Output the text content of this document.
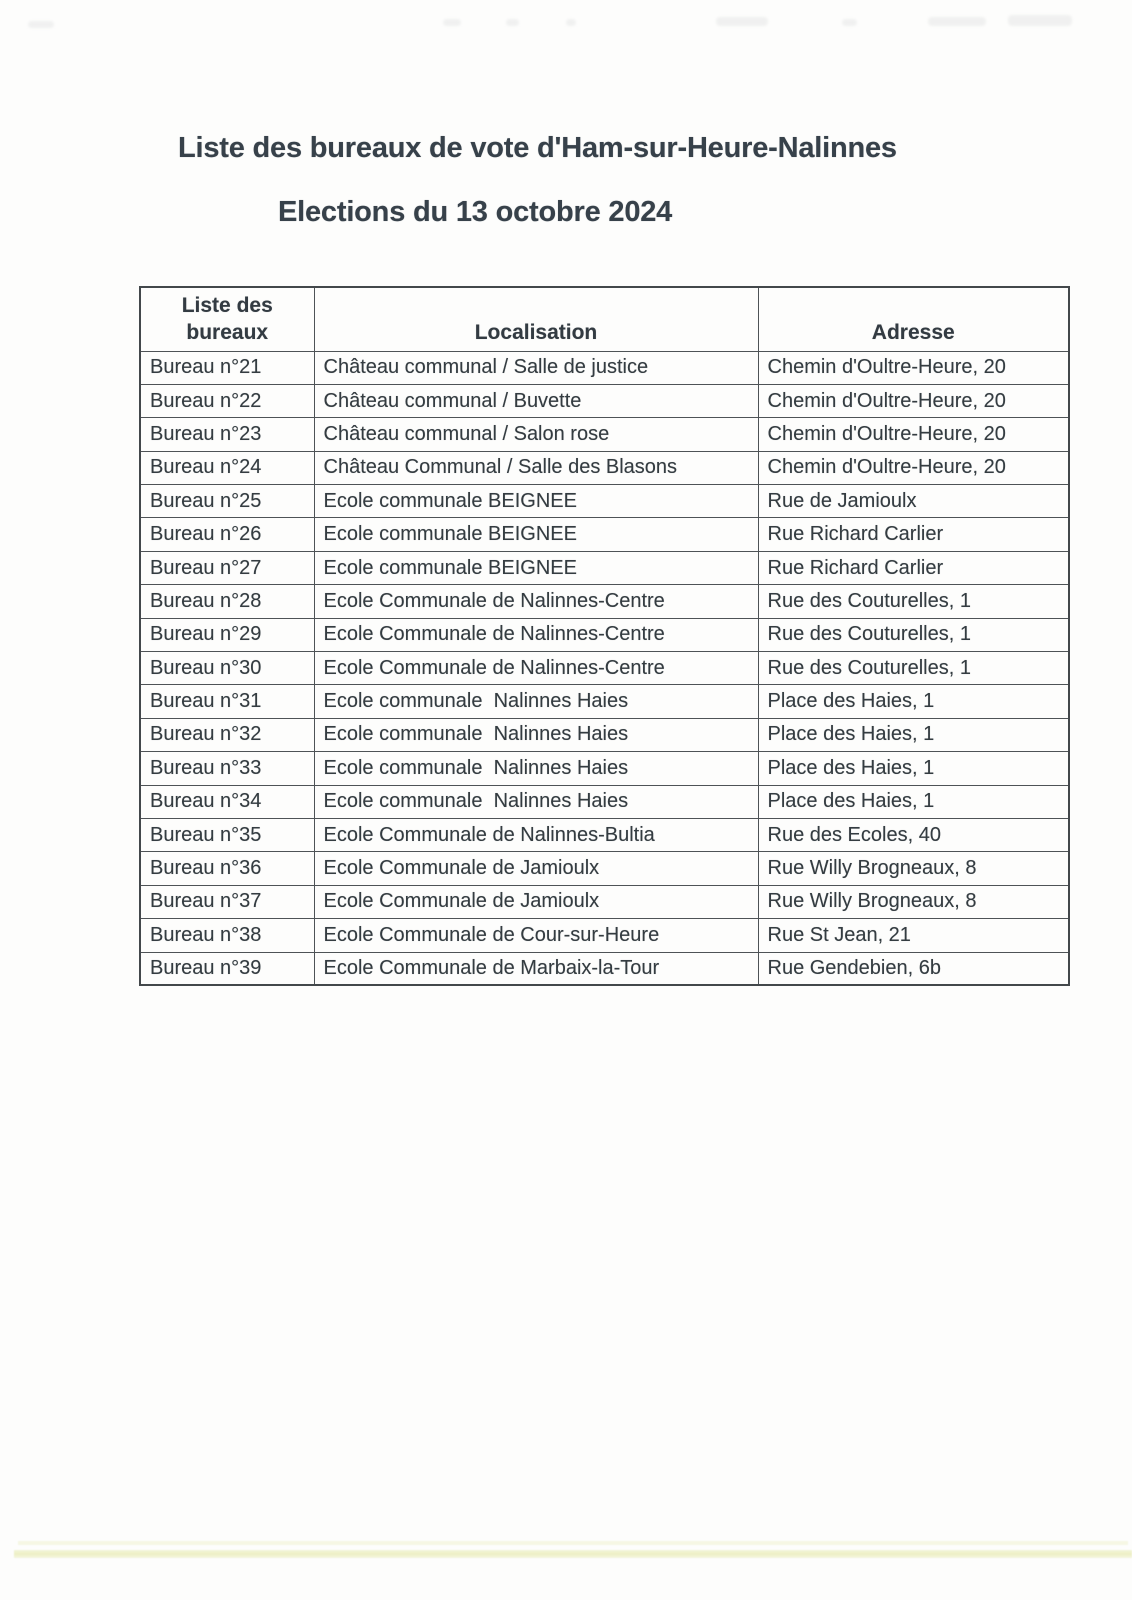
Liste des bureaux de vote d'Ham-sur-Heure-Nalinnes
Elections du 13 octobre 2024
Liste des bureaux	Localisation	Adresse
Bureau n°21	Château communal / Salle de justice	Chemin d'Oultre-Heure, 20
Bureau n°22	Château communal / Buvette	Chemin d'Oultre-Heure, 20
Bureau n°23	Château communal / Salon rose	Chemin d'Oultre-Heure, 20
Bureau n°24	Château Communal / Salle des Blasons	Chemin d'Oultre-Heure, 20
Bureau n°25	Ecole communale BEIGNEE	Rue de Jamioulx
Bureau n°26	Ecole communale BEIGNEE	Rue Richard Carlier
Bureau n°27	Ecole communale BEIGNEE	Rue Richard Carlier
Bureau n°28	Ecole Communale de Nalinnes-Centre	Rue des Couturelles, 1
Bureau n°29	Ecole Communale de Nalinnes-Centre	Rue des Couturelles, 1
Bureau n°30	Ecole Communale de Nalinnes-Centre	Rue des Couturelles, 1
Bureau n°31	Ecole communale  Nalinnes Haies	Place des Haies, 1
Bureau n°32	Ecole communale  Nalinnes Haies	Place des Haies, 1
Bureau n°33	Ecole communale  Nalinnes Haies	Place des Haies, 1
Bureau n°34	Ecole communale  Nalinnes Haies	Place des Haies, 1
Bureau n°35	Ecole Communale de Nalinnes-Bultia	Rue des Ecoles, 40
Bureau n°36	Ecole Communale de Jamioulx	Rue Willy Brogneaux, 8
Bureau n°37	Ecole Communale de Jamioulx	Rue Willy Brogneaux, 8
Bureau n°38	Ecole Communale de Cour-sur-Heure	Rue St Jean, 21
Bureau n°39	Ecole Communale de Marbaix-la-Tour	Rue Gendebien, 6b
